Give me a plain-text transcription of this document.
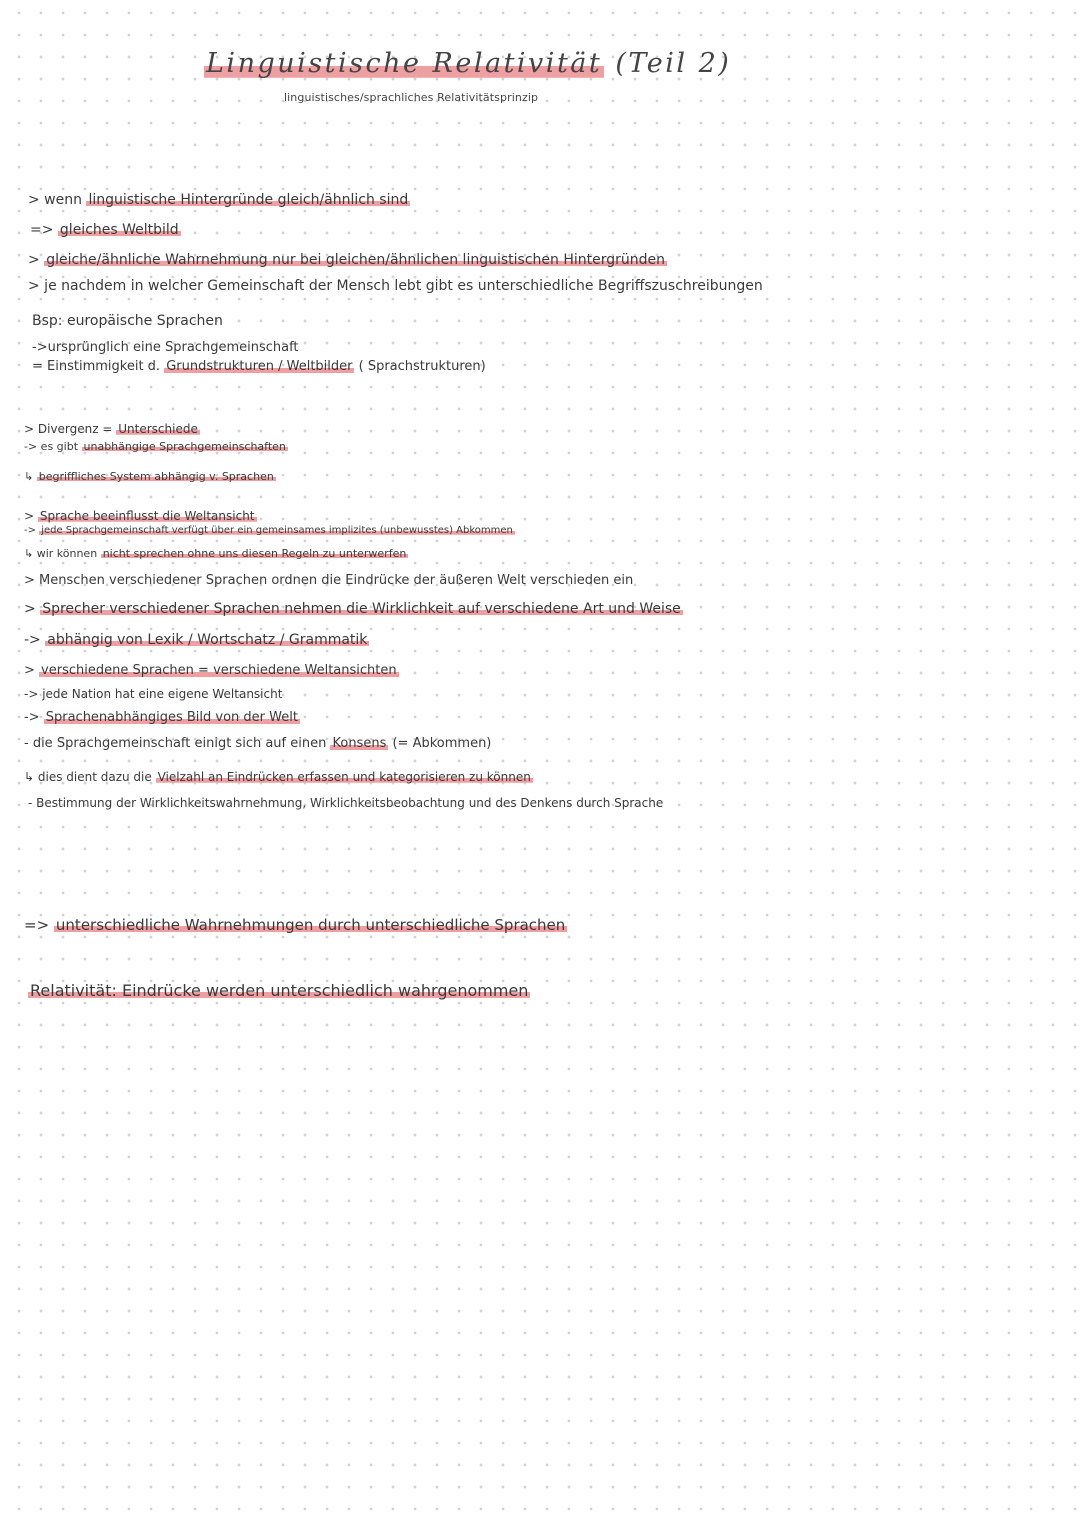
Linguistische Relativität (Teil 2)
linguistisches/sprachliches Relativitätsprinzip
> wenn linguistische Hintergründe gleich/ähnlich sind
=> gleiches Weltbild
> gleiche/ähnliche Wahrnehmung nur bei gleichen/ähnlichen linguistischen Hintergründen
> je nachdem in welcher Gemeinschaft der Mensch lebt gibt es unterschiedliche Begriffszuschreibungen
Bsp: europäische Sprachen
->ursprünglich eine Sprachgemeinschaft
= Einstimmigkeit d. Grundstrukturen / Weltbilder ( Sprachstrukturen)
> Divergenz = Unterschiede
-> es gibt unabhängige Sprachgemeinschaften
↳ begriffliches System abhängig v. Sprachen
> Sprache beeinflusst die Weltansicht
-> jede Sprachgemeinschaft verfügt über ein gemeinsames implizites (unbewusstes) Abkommen
↳ wir können nicht sprechen ohne uns diesen Regeln zu unterwerfen
> Menschen verschiedener Sprachen ordnen die Eindrücke der äußeren Welt verschieden ein
> Sprecher verschiedener Sprachen nehmen die Wirklichkeit auf verschiedene Art und Weise
-> abhängig von Lexik / Wortschatz / Grammatik
> verschiedene Sprachen = verschiedene Weltansichten
-> jede Nation hat eine eigene Weltansicht
-> Sprachenabhängiges Bild von der Welt
- die Sprachgemeinschaft einigt sich auf einen Konsens (= Abkommen)
↳ dies dient dazu die Vielzahl an Eindrücken erfassen und kategorisieren zu können
- Bestimmung der Wirklichkeitswahrnehmung, Wirklichkeitsbeobachtung und des Denkens durch Sprache
=> unterschiedliche Wahrnehmungen durch unterschiedliche Sprachen
Relativität: Eindrücke werden unterschiedlich wahrgenommen
